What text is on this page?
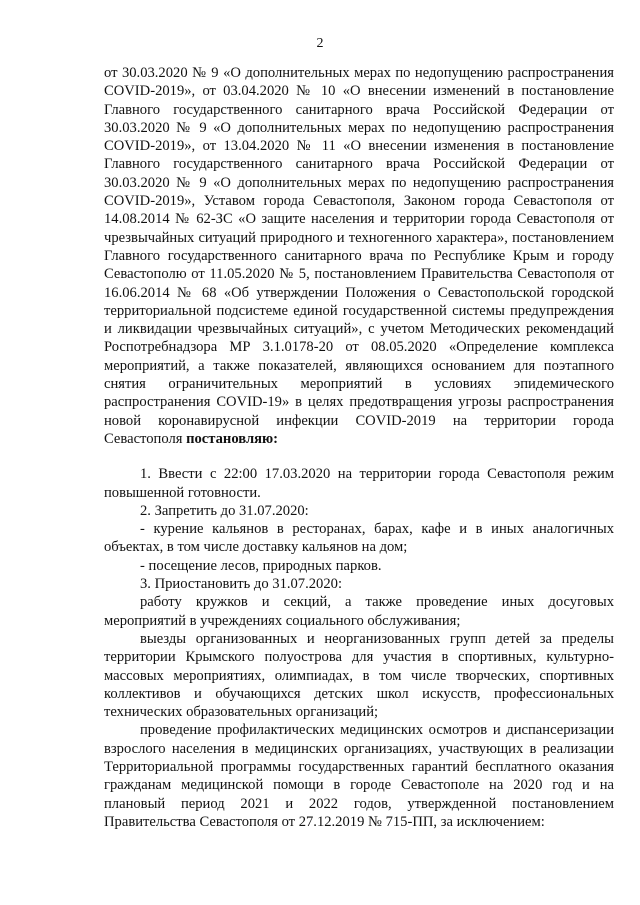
2

от 30.03.2020 № 9 «О дополнительных мерах по недопущению распространения COVID-2019», от 03.04.2020 № 10 «О внесении изменений в постановление Главного государственного санитарного врача Российской Федерации от 30.03.2020 № 9 «О дополнительных мерах по недопущению распространения COVID-2019», от 13.04.2020 № 11 «О внесении изменения в постановление Главного государственного санитарного врача Российской Федерации от 30.03.2020 № 9 «О дополнительных мерах по недопущению распространения COVID-2019», Уставом города Севастополя, Законом города Севастополя от 14.08.2014 № 62-ЗС «О защите населения и территории города Севастополя от чрезвычайных ситуаций природного и техногенного характера», постановлением Главного государственного санитарного врача по Республике Крым и городу Севастополю от 11.05.2020 № 5, постановлением Правительства Севастополя от 16.06.2014 № 68 «Об утверждении Положения о Севастопольской городской территориальной подсистеме единой государственной системы предупреждения и ликвидации чрезвычайных ситуаций», с учетом Методических рекомендаций Роспотребнадзора МР 3.1.0178-20 от 08.05.2020 «Определение комплекса мероприятий, а также показателей, являющихся основанием для поэтапного снятия ограничительных мероприятий в условиях эпидемического распространения COVID-19» в целях предотвращения угрозы распространения новой коронавирусной инфекции COVID-2019 на территории города Севастополя постановляю:

1. Ввести с 22:00 17.03.2020 на территории города Севастополя режим повышенной готовности.

2. Запретить до 31.07.2020:

- курение кальянов в ресторанах, барах, кафе и в иных аналогичных объектах, в том числе доставку кальянов на дом;

- посещение лесов, природных парков.

3. Приостановить до 31.07.2020:

работу кружков и секций, а также проведение иных досуговых мероприятий в учреждениях социального обслуживания;

выезды организованных и неорганизованных групп детей за пределы территории Крымского полуострова для участия в спортивных, культурно-массовых мероприятиях, олимпиадах, в том числе творческих, спортивных коллективов и обучающихся детских школ искусств, профессиональных технических образовательных организаций;

проведение профилактических медицинских осмотров и диспансеризации взрослого населения в медицинских организациях, участвующих в реализации Территориальной программы государственных гарантий бесплатного оказания гражданам медицинской помощи в городе Севастополе на 2020 год и на плановый период 2021 и 2022 годов, утвержденной постановлением Правительства Севастополя от 27.12.2019 № 715-ПП, за исключением:
